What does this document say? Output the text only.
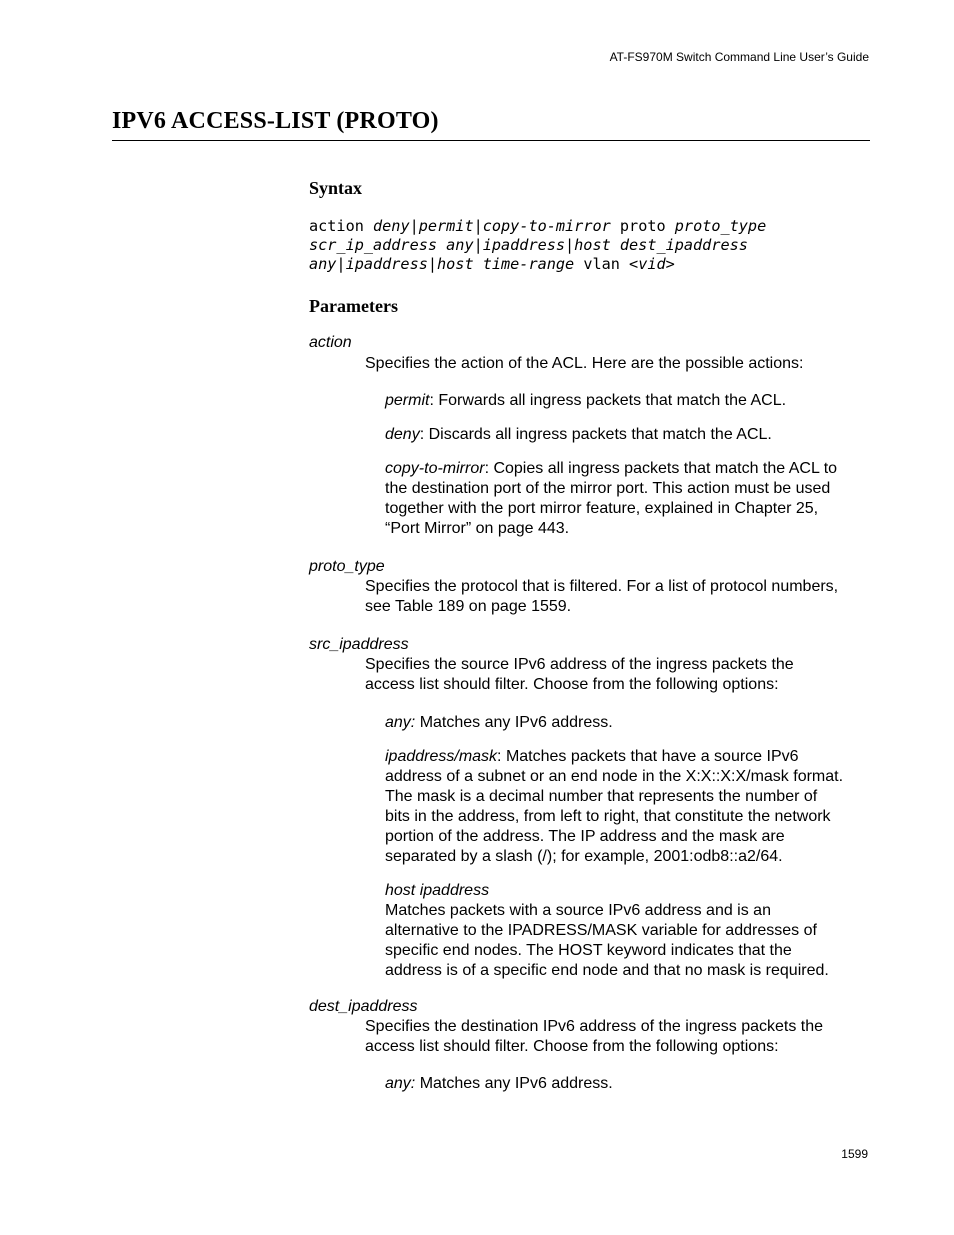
AT-FS970M Switch Command Line User’s Guide
IPV6 ACCESS-LIST (PROTO)
Syntax
action deny|permit|copy-to-mirror proto proto_type
scr_ip_address any|ipaddress|host dest_ipaddress
any|ipaddress|host time-range vlan <vid>
Parameters
action
Specifies the action of the ACL. Here are the possible actions:
permit: Forwards all ingress packets that match the ACL.
deny: Discards all ingress packets that match the ACL.
copy-to-mirror: Copies all ingress packets that match the ACL to
the destination port of the mirror port. This action must be used
together with the port mirror feature, explained in Chapter 25,
“Port Mirror” on page 443.
proto_type
Specifies the protocol that is filtered. For a list of protocol numbers,
see Table 189 on page 1559.
src_ipaddress
Specifies the source IPv6 address of the ingress packets the
access list should filter. Choose from the following options:
any: Matches any IPv6 address.
ipaddress/mask: Matches packets that have a source IPv6
address of a subnet or an end node in the X:X::X:X/mask format.
The mask is a decimal number that represents the number of
bits in the address, from left to right, that constitute the network
portion of the address. The IP address and the mask are
separated by a slash (/); for example, 2001:odb8::a2/64.
host ipaddress
Matches packets with a source IPv6 address and is an
alternative to the IPADRESS/MASK variable for addresses of
specific end nodes. The HOST keyword indicates that the
address is of a specific end node and that no mask is required.
dest_ipaddress
Specifies the destination IPv6 address of the ingress packets the
access list should filter. Choose from the following options:
any: Matches any IPv6 address.
1599
